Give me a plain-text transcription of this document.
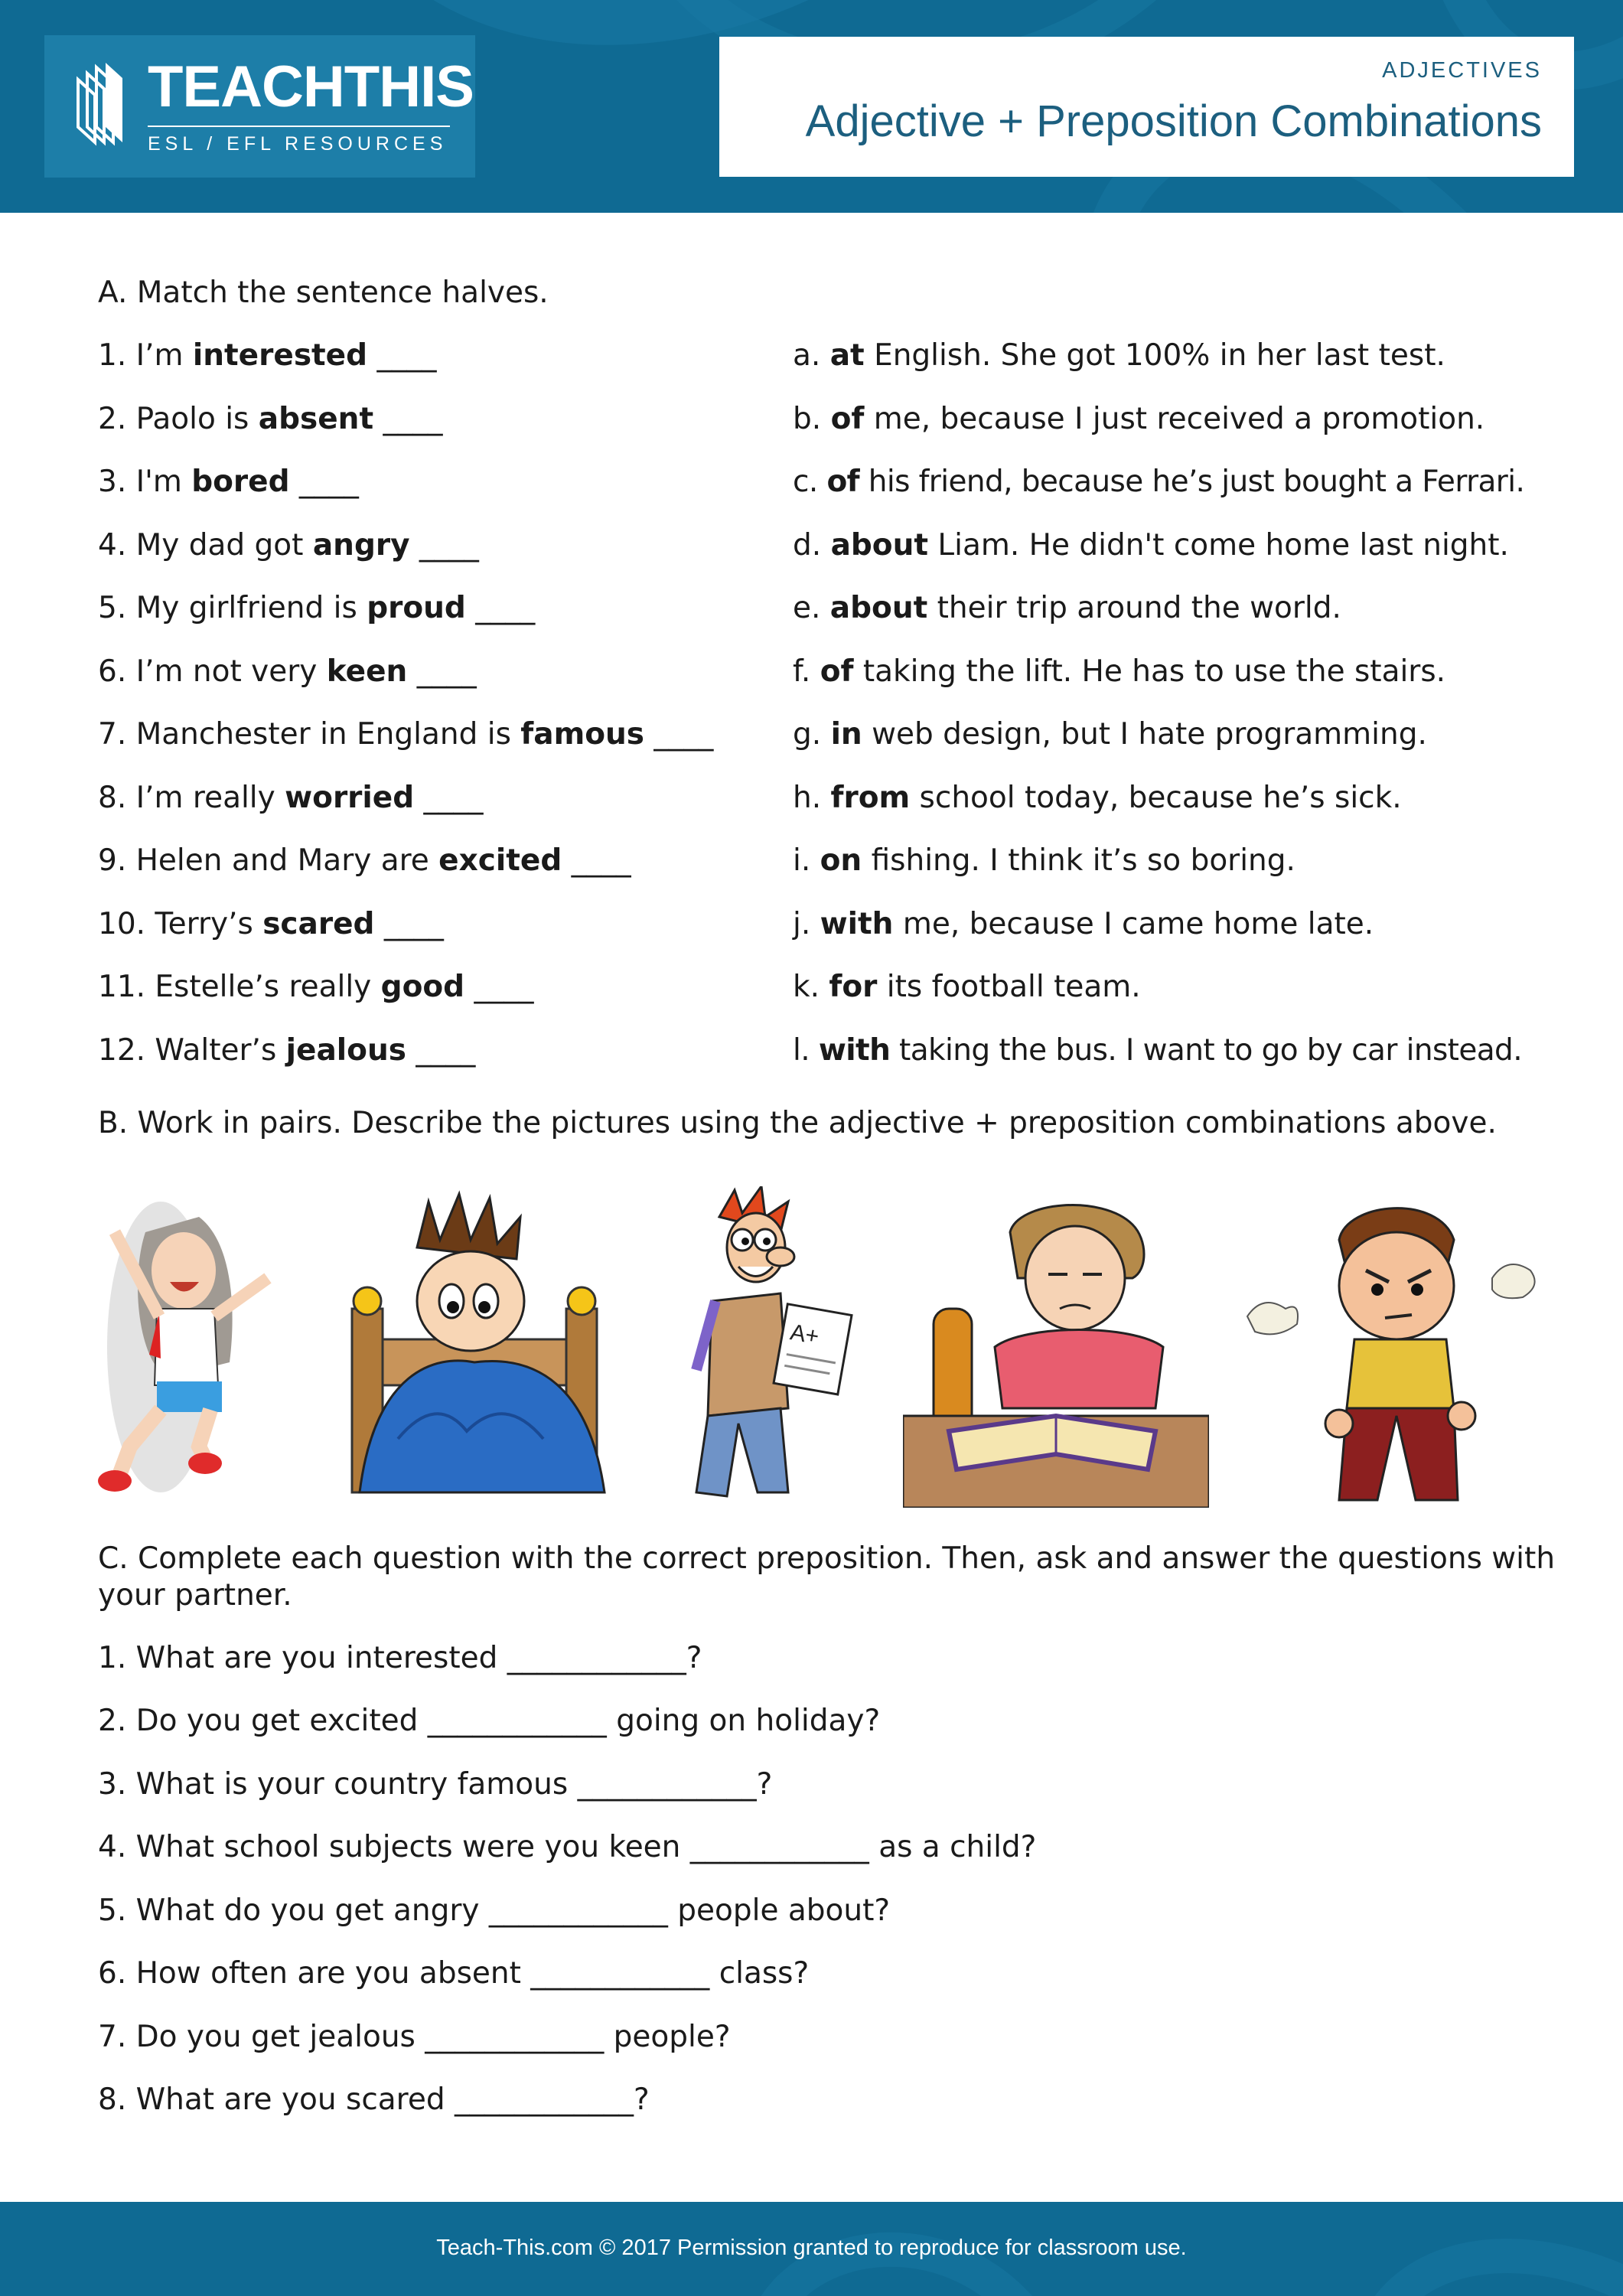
TEACHTHIS
ESL / EFL RESOURCES
ADJECTIVES
Adjective + Preposition Combinations
A. Match the sentence halves.
1. I’m interested ____
2. Paolo is absent ____
3. I'm bored ____
4. My dad got angry ____
5. My girlfriend is proud ____
6. I’m not very keen ____
7. Manchester in England is famous ____
8. I’m really worried ____
9. Helen and Mary are excited ____
10. Terry’s scared ____
11. Estelle’s really good ____
12. Walter’s jealous ____
a. at English. She got 100% in her last test.
b. of me, because I just received a promotion.
c. of his friend, because he’s just bought a Ferrari.
d. about Liam. He didn't come home last night.
e. about their trip around the world.
f. of taking the lift. He has to use the stairs.
g. in web design, but I hate programming.
h. from school today, because he’s sick.
i. on fishing. I think it’s so boring.
j. with me, because I came home late.
k. for its football team.
l. with taking the bus. I want to go by car instead.
B. Work in pairs. Describe the pictures using the adjective + preposition combinations above.
A+
C. Complete each question with the correct preposition. Then, ask and answer the questions with
your partner.
1. What are you interested ____________?
2. Do you get excited ____________ going on holiday?
3. What is your country famous ____________?
4. What school subjects were you keen ____________ as a child?
5. What do you get angry ____________ people about?
6. How often are you absent ____________ class?
7. Do you get jealous ____________ people?
8. What are you scared ____________?
Teach-This.com © 2017 Permission granted to reproduce for classroom use.
